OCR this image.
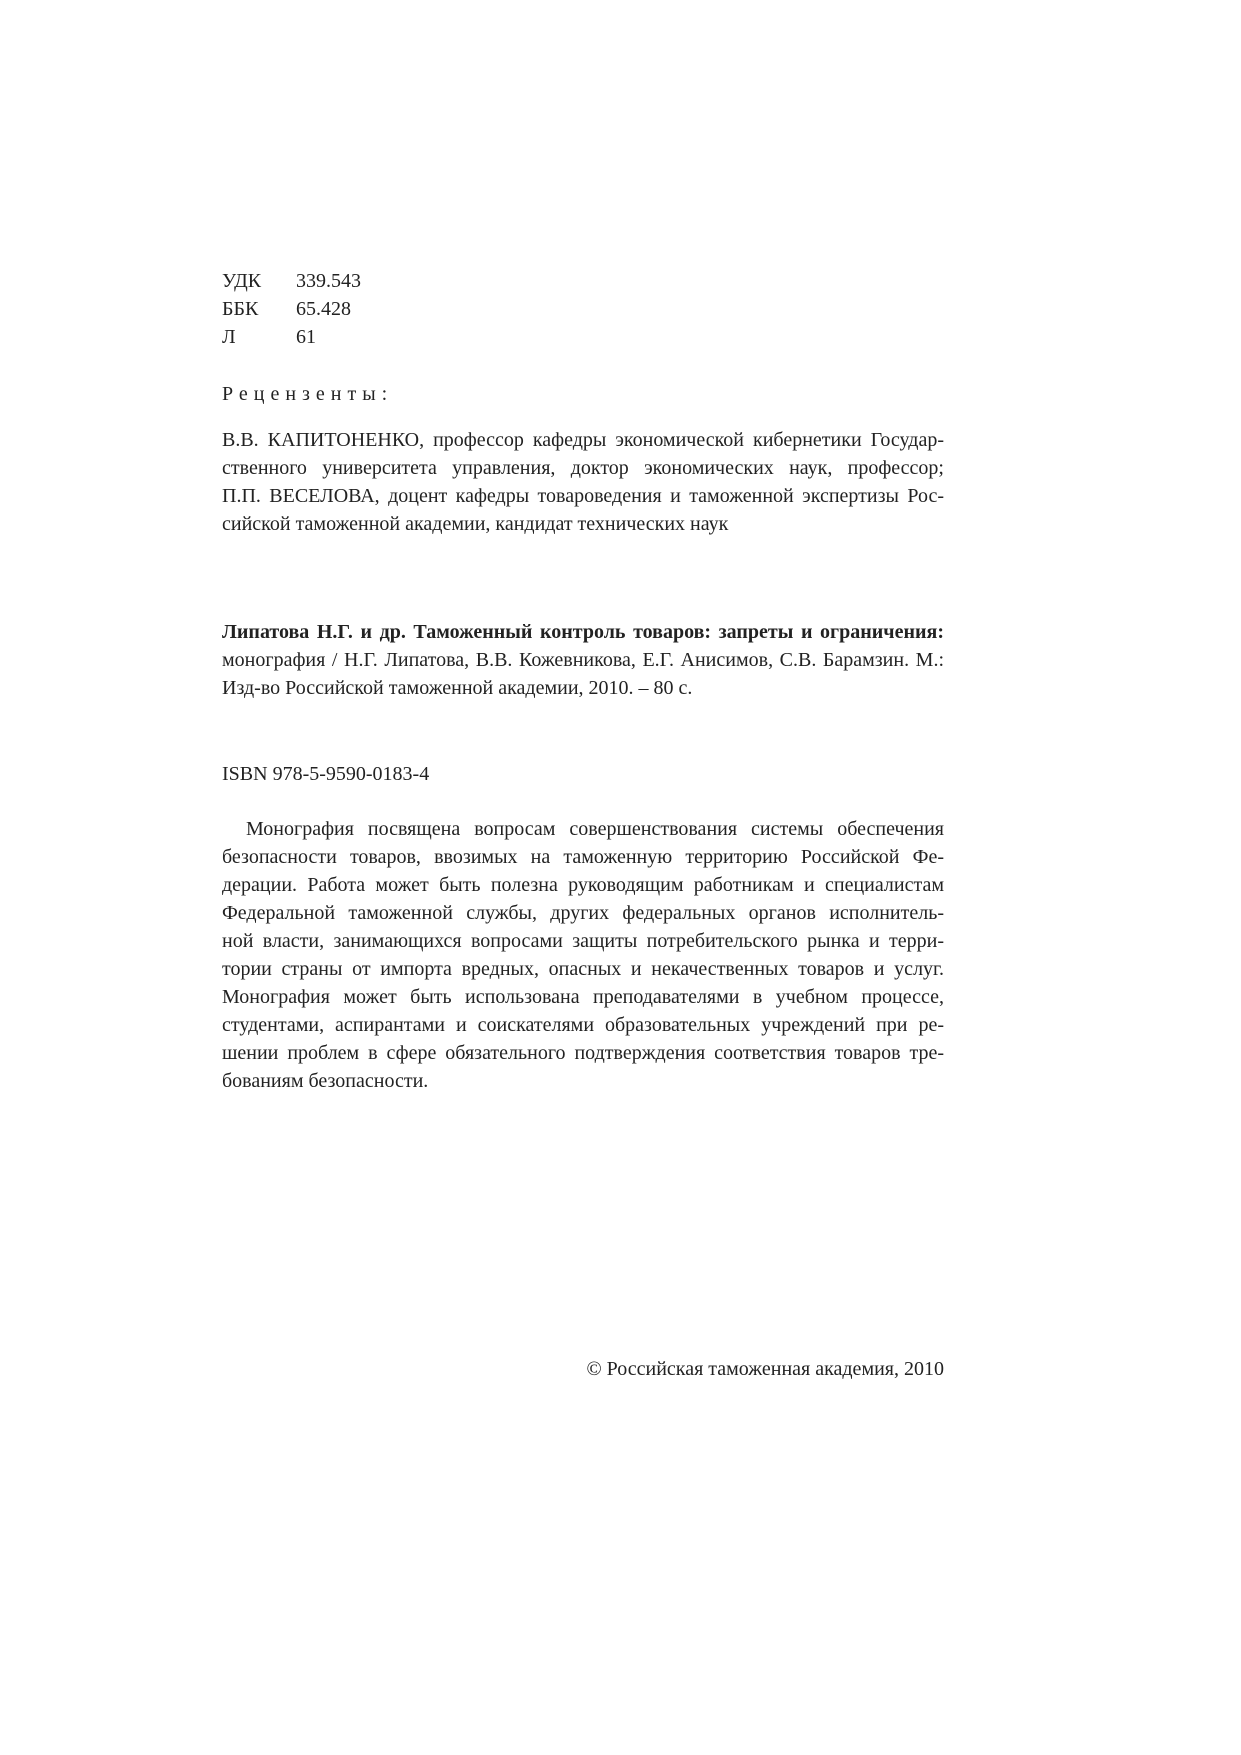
УДК	339.543
ББК	65.428
Л	61
Рецензенты:
В.В. КАПИТОНЕНКО, профессор кафедры экономической кибернетики Государ-
ственного университета управления, доктор экономических наук, профессор;
П.П. ВЕСЕЛОВА, доцент кафедры товароведения и таможенной экспертизы Рос-
сийской таможенной академии, кандидат технических наук
Липатова Н.Г. и др. Таможенный контроль товаров: запреты и ограничения:
монография / Н.Г. Липатова, В.В. Кожевникова, Е.Г. Анисимов, С.В. Барамзин. М.:
Изд-во Российской таможенной академии, 2010. – 80 с.
ISBN 978-5-9590-0183-4
Монография посвящена вопросам совершенствования системы обеспечения
безопасности товаров, ввозимых на таможенную территорию Российской Фе-
дерации. Работа может быть полезна руководящим работникам и специалистам
Федеральной таможенной службы, других федеральных органов исполнитель-
ной власти, занимающихся вопросами защиты потребительского рынка и терри-
тории страны от импорта вредных, опасных и некачественных товаров и услуг.
Монография может быть использована преподавателями в учебном процессе,
студентами, аспирантами и соискателями образовательных учреждений при ре-
шении проблем в сфере обязательного подтверждения соответствия товаров тре-
бованиям безопасности.
© Российская таможенная академия, 2010
